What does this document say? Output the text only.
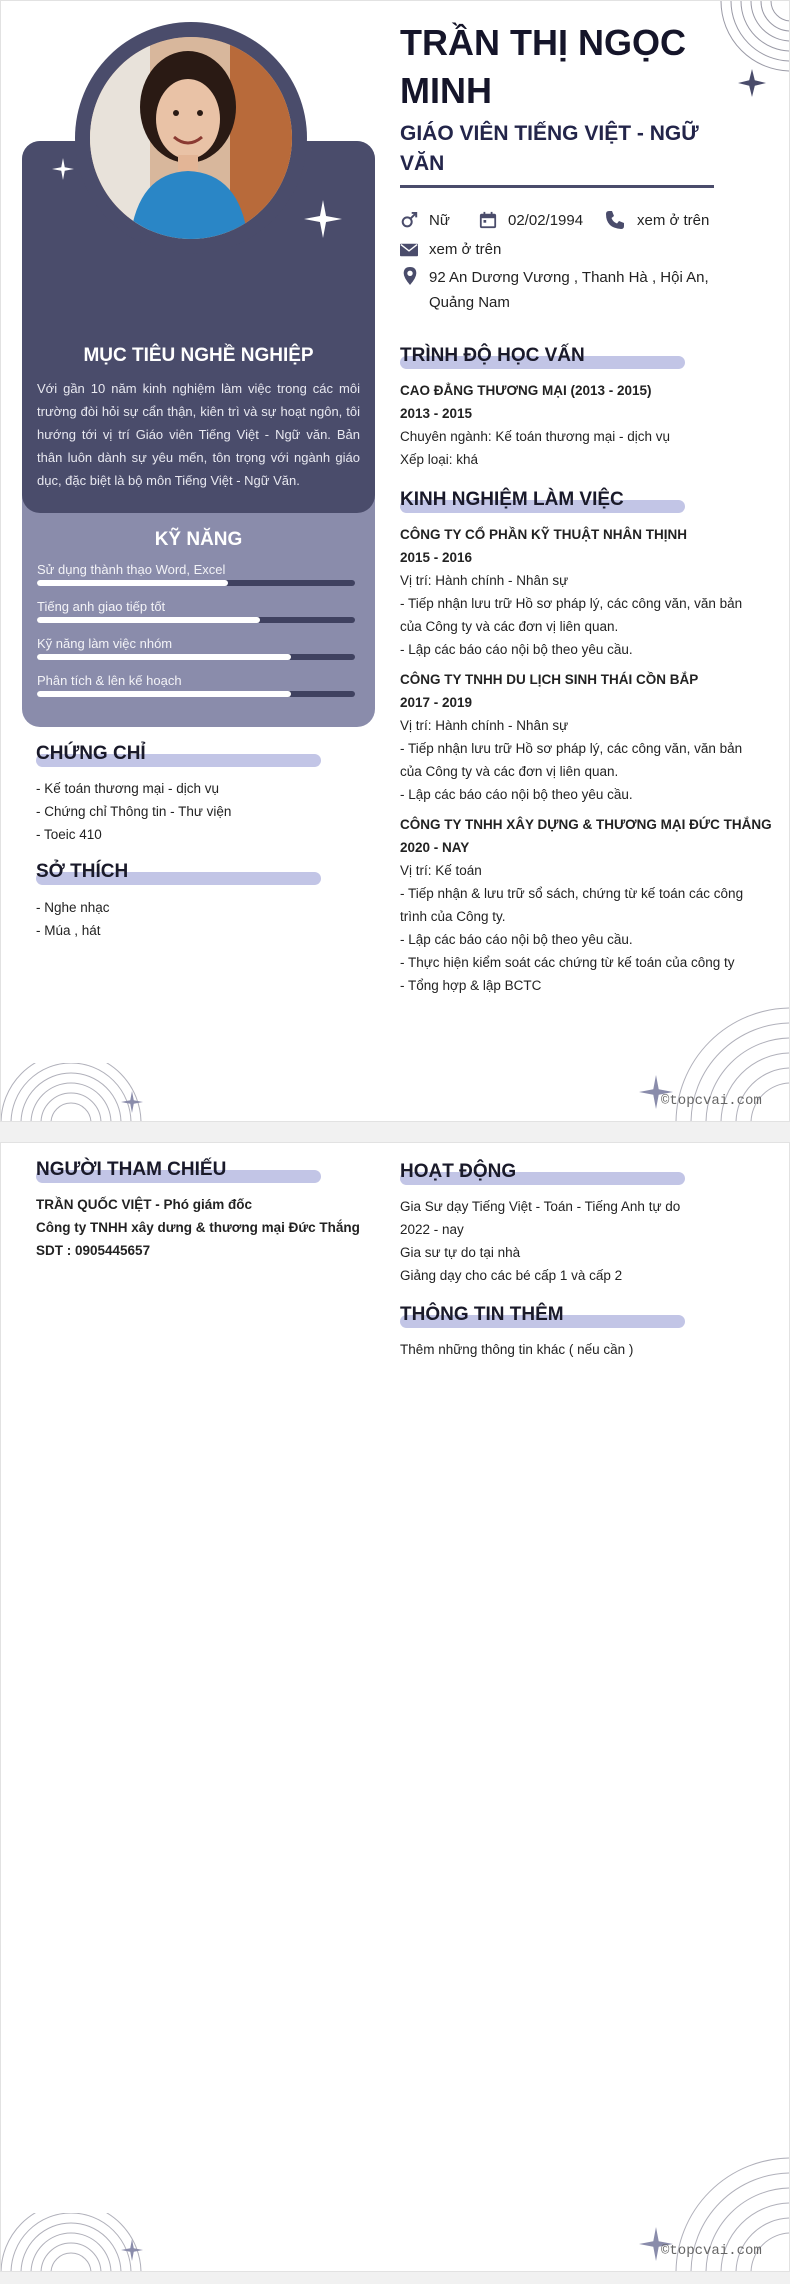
MỤC TIÊU NGHỀ NGHIỆP
Với gần 10 năm kinh nghiệm làm việc trong các môi trường đòi hỏi sự cẩn thận, kiên trì và sự hoạt ngôn, tôi hướng tới vị trí Giáo viên Tiếng Việt - Ngữ văn. Bản thân luôn dành sự yêu mến, tôn trọng với ngành giáo dục, đặc biệt là bộ môn Tiếng Việt - Ngữ Văn.
KỸ NĂNG
Sử dụng thành thạo Word, Excel
Tiếng anh giao tiếp tốt
Kỹ năng làm việc nhóm
Phân tích & lên kế hoạch
TRẦN THỊ NGỌC MINH
GIÁO VIÊN TIẾNG VIỆT - NGỮ VĂN
Nữ	02/02/1994	xem ở trên
xem ở trên
92 An Dương Vương , Thanh Hà , Hội An, Quảng Nam
CHỨNG CHỈ
- Kế toán thương mại - dịch vụ
- Chứng chỉ Thông tin - Thư viện
- Toeic 410
SỞ THÍCH
- Nghe nhạc
- Múa , hát
TRÌNH ĐỘ HỌC VẤN
CAO ĐẲNG THƯƠNG MẠI (2013 - 2015)
2013 - 2015
Chuyên ngành: Kế toán thương mại - dịch vụ
Xếp loại: khá
KINH NGHIỆM LÀM VIỆC
CÔNG TY CỔ PHẦN KỸ THUẬT NHÂN THỊNH
2015 - 2016
Vị trí: Hành chính - Nhân sự
- Tiếp nhận lưu trữ Hồ sơ pháp lý, các công văn, văn bản
của Công ty và các đơn vị liên quan.
- Lập các báo cáo nội bộ theo yêu cầu.
CÔNG TY TNHH DU LỊCH SINH THÁI CỒN BẮP
2017 - 2019
Vị trí: Hành chính - Nhân sự
- Tiếp nhận lưu trữ Hồ sơ pháp lý, các công văn, văn bản
của Công ty và các đơn vị liên quan.
- Lập các báo cáo nội bộ theo yêu cầu.
CÔNG TY TNHH XÂY DỰNG & THƯƠNG MẠI ĐỨC THẮNG
2020 - NAY
Vị trí: Kế toán
- Tiếp nhận & lưu trữ sổ sách, chứng từ kế toán các công
trình của Công ty.
- Lập các báo cáo nội bộ theo yêu cầu.
- Thực hiện kiểm soát các chứng từ kế toán của công ty
- Tổng hợp & lập BCTC
©topcvai.com
NGƯỜI THAM CHIẾU
TRẦN QUỐC VIỆT - Phó giám đốc
Công ty TNHH xây dưng & thương mại Đức Thắng
SDT : 0905445657
HOẠT ĐỘNG
Gia Sư dạy Tiếng Việt - Toán - Tiếng Anh tự do
2022 - nay
Gia sư tự do tại nhà
Giảng dạy cho các bé cấp 1 và cấp 2
THÔNG TIN THÊM
Thêm những thông tin khác ( nếu cần )
©topcvai.com
